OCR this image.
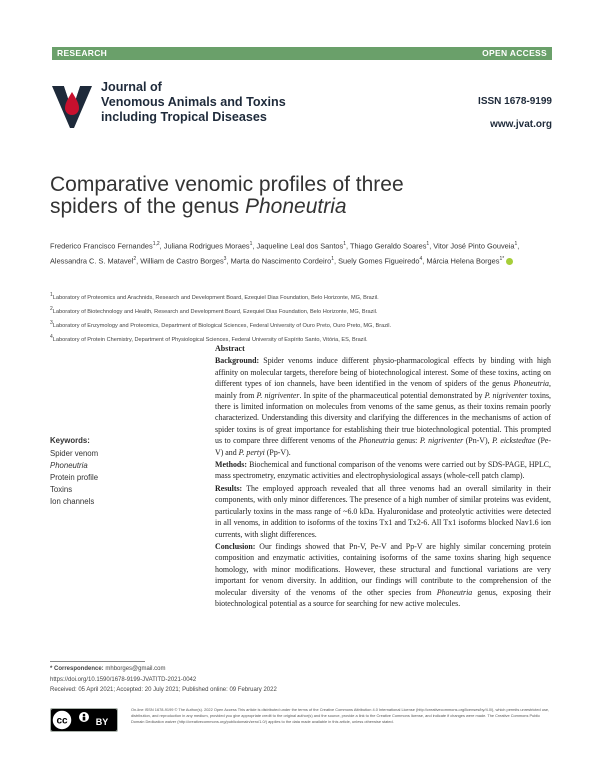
RESEARCH	OPEN ACCESS
Journal of
Venomous Animals and Toxins
including Tropical Diseases
ISSN 1678-9199
www.jvat.org
Comparative venomic profiles of three
spiders of the genus Phoneutria
Frederico Francisco Fernandes$^{1,2}$, Juliana Rodrigues Moraes$^1$, Jaqueline Leal dos Santos$^1$, Thiago Geraldo Soares$^1$, Vitor José Pinto Gouveia$^1$, Alessandra C. S. Matavel$^2$, William de Castro Borges$^3$, Marta do Nascimento Cordeiro$^1$, Suely Gomes Figueiredo$^4$, Márcia Helena Borges$^{1*}$
$^1$Laboratory of Proteomics and Arachnids, Research and Development Board, Ezequiel Dias Foundation, Belo Horizonte, MG, Brazil.
$^2$Laboratory of Biotechnology and Health, Research and Development Board, Ezequiel Dias Foundation, Belo Horizonte, MG, Brazil.
$^3$Laboratory of Enzymology and Proteomics, Department of Biological Sciences, Federal University of Ouro Preto, Ouro Preto, MG, Brazil.
$^4$Laboratory of Protein Chemistry, Department of Physiological Sciences, Federal University of Espírito Santo, Vitória, ES, Brazil.
Keywords:
Spider venom
Phoneutria
Protein profile
Toxins
Ion channels
Abstract

Background: Spider venoms induce different physio-pharmacological effects by binding with high affinity on molecular targets, therefore being of biotechnological interest. Some of these toxins, acting on different types of ion channels, have been identified in the venom of spiders of the genus Phoneutria, mainly from P. nigriventer. In spite of the pharmaceutical potential demonstrated by P. nigriventer toxins, there is limited information on molecules from venoms of the same genus, as their toxins remain poorly characterized. Understanding this diversity and clarifying the differences in the mechanisms of action of spider toxins is of great importance for establishing their true biotechnological potential. This prompted us to compare three different venoms of the Phoneutria genus: P. nigriventer (Pn-V), P. eickstedtae (Pe-V) and P. pertyi (Pp-V).

Methods: Biochemical and functional comparison of the venoms were carried out by SDS-PAGE, HPLC, mass spectrometry, enzymatic activities and electrophysiological assays (whole-cell patch clamp).

Results: The employed approach revealed that all three venoms had an overall similarity in their components, with only minor differences. The presence of a high number of similar proteins was evident, particularly toxins in the mass range of ~6.0 kDa. Hyaluronidase and proteolytic activities were detected in all venoms, in addition to isoforms of the toxins Tx1 and Tx2-6. All Tx1 isoforms blocked Nav1.6 ion currents, with slight differences.

Conclusion: Our findings showed that Pn-V, Pe-V and Pp-V are highly similar concerning protein composition and enzymatic activities, containing isoforms of the same toxins sharing high sequence homology, with minor modifications. However, these structural and functional variations are very important for venom diversity. In addition, our findings will contribute to the comprehension of the molecular diversity of the venoms of the other species from Phoneutria genus, exposing their biotechnological potential as a source for searching for new active molecules.

* Correspondence: mhborges@gmail.com
https://doi.org/10.1590/1678-9199-JVATITD-2021-0042
Received: 05 April 2021; Accepted: 20 July 2021; Published online: 09 February 2022
cc	BY
On-line ISSN 1678-9199 © The Author(s). 2022 Open Access This article is distributed under the terms of the Creative Commons Attribution 4.0 International License (http://creativecommons.org/licenses/by/4.0/), which permits unrestricted use, distribution, and reproduction in any medium, provided you give appropriate credit to the original author(s) and the source, provide a link to the Creative Commons license, and indicate if changes were made. The Creative Commons Public Domain Dedication waiver (http://creativecommons.org/publicdomain/zero/1.0/) applies to the data made available in this article, unless otherwise stated.
